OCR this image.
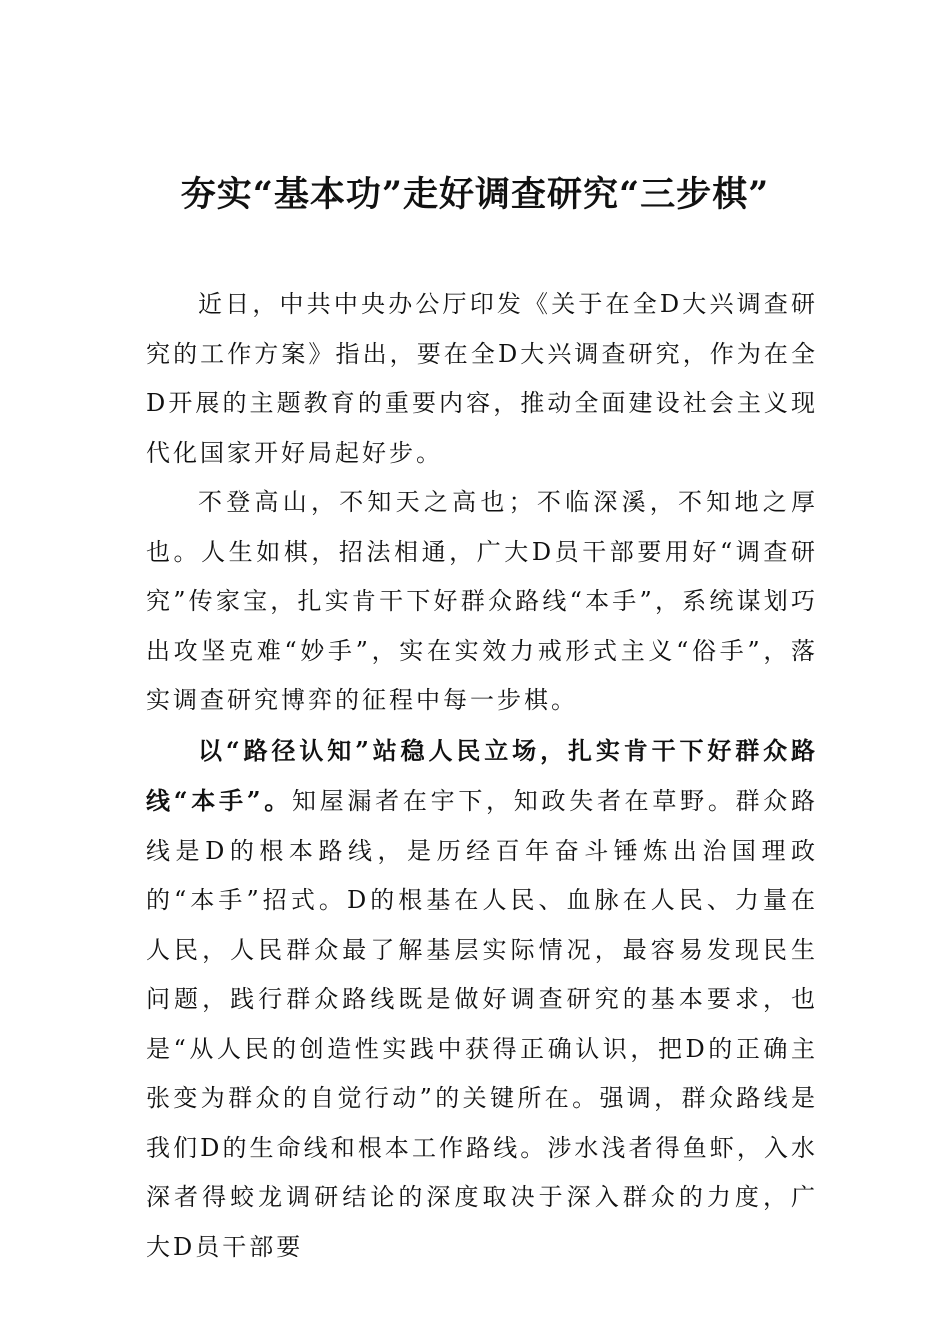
夯实“基本功”走好调查研究“三步棋”

近日，中共中央办公厅印发《关于在全D大兴调查研究的工作方案》指出，要在全D大兴调查研究，作为在全D开展的主题教育的重要内容，推动全面建设社会主义现代化国家开好局起好步。

不登高山，不知天之高也；不临深溪，不知地之厚也。人生如棋，招法相通，广大D员干部要用好“调查研究”传家宝，扎实肯干下好群众路线“本手”，系统谋划巧出攻坚克难“妙手”，实在实效力戒形式主义“俗手”，落实调查研究博弈的征程中每一步棋。

以“路径认知”站稳人民立场，扎实肯干下好群众路线“本手”。知屋漏者在宇下，知政失者在草野。群众路线是D的根本路线，是历经百年奋斗锤炼出治国理政的“本手”招式。D的根基在人民、血脉在人民、力量在人民，人民群众最了解基层实际情况，最容易发现民生问题，践行群众路线既是做好调查研究的基本要求，也是“从人民的创造性实践中获得正确认识，把D的正确主张变为群众的自觉行动”的关键所在。强调，群众路线是我们D的生命线和根本工作路线。涉水浅者得鱼虾，入水深者得蛟龙调研结论的深度取决于深入群众的力度，广大D员干部要
